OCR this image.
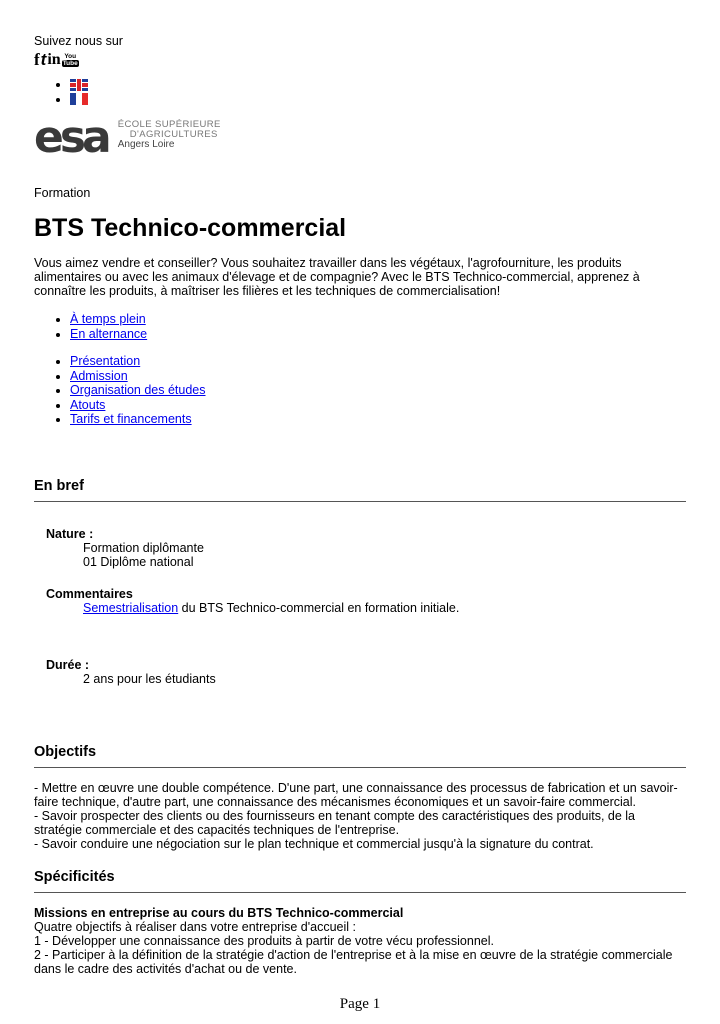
Suivez nous sur
f t in You
Tube
•
•
esa ÉCOLE SUPÉRIEURE
D'AGRICULTURES
Angers Loire
Formation
BTS Technico-commercial
Vous aimez vendre et conseiller? Vous souhaitez travailler dans les végétaux, l'agrofourniture, les produits alimentaires ou avec les animaux d'élevage et de compagnie? Avec le BTS Technico-commercial, apprenez à connaître les produits, à maîtriser les filières et les techniques de commercialisation!
• À temps plein
• En alternance
• Présentation
• Admission
• Organisation des études
• Atouts
• Tarifs et financements
En bref
Nature :
Formation diplômante
01 Diplôme national
Commentaires
Semestrialisation du BTS Technico-commercial en formation initiale.
Durée :
2 ans pour les étudiants
Objectifs
- Mettre en œuvre une double compétence. D'une part, une connaissance des processus de fabrication et un savoir-faire technique, d'autre part, une connaissance des mécanismes économiques et un savoir-faire commercial.
- Savoir prospecter des clients ou des fournisseurs en tenant compte des caractéristiques des produits, de la stratégie commerciale et des capacités techniques de l'entreprise.
- Savoir conduire une négociation sur le plan technique et commercial jusqu'à la signature du contrat.
Spécificités
Missions en entreprise au cours du BTS Technico-commercial
Quatre objectifs à réaliser dans votre entreprise d'accueil :
1 - Développer une connaissance des produits à partir de votre vécu professionnel.
2 - Participer à la définition de la stratégie d'action de l'entreprise et à la mise en œuvre de la stratégie commerciale dans le cadre des activités d'achat ou de vente.
Page 1
